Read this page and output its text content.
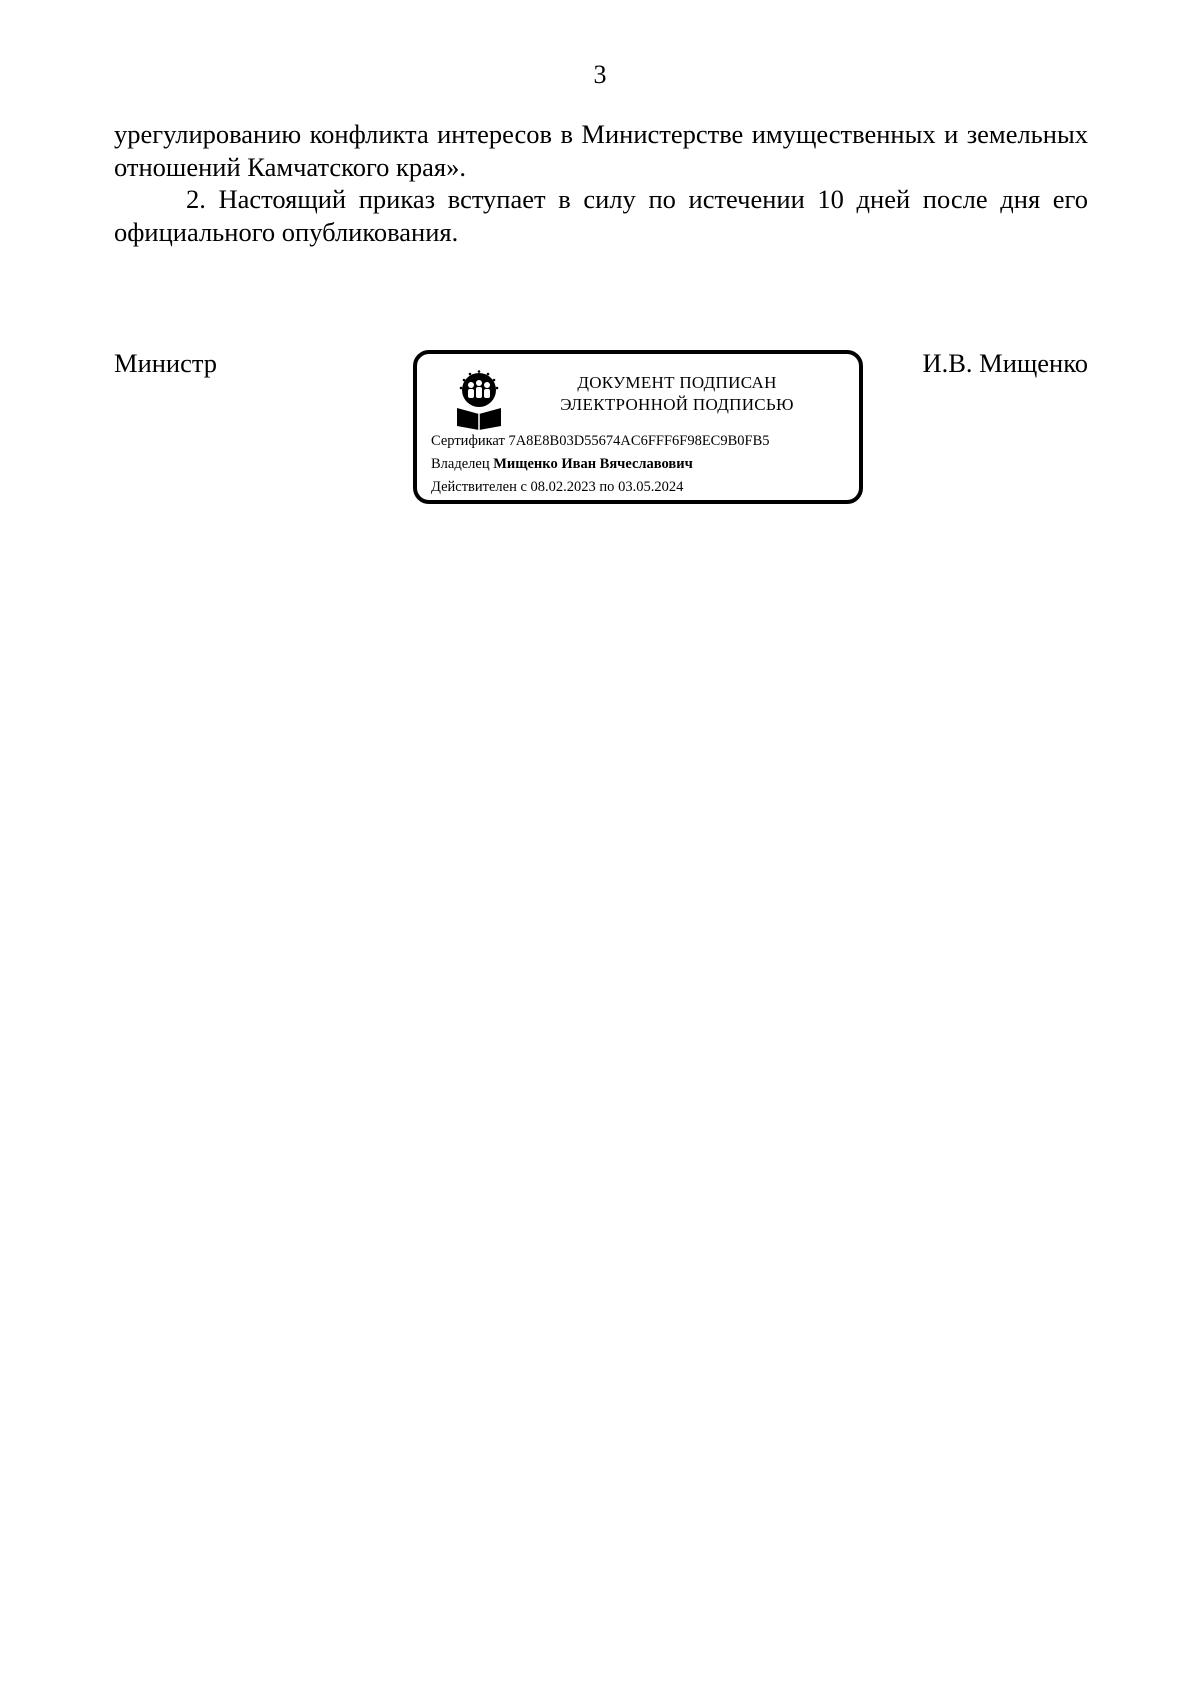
3

урегулированию конфликта интересов в Министерстве имущественных и земельных отношений Камчатского края».

2. Настоящий приказ вступает в силу по истечении 10 дней после дня его официального опубликования.

Министр	И.В. Мищенко
ДОКУМЕНТ ПОДПИСАН
ЭЛЕКТРОННОЙ ПОДПИСЬЮ
Сертификат 7A8E8B03D55674AC6FFF6F98EC9B0FB5
Владелец Мищенко Иван Вячеславович
Действителен с 08.02.2023 по 03.05.2024
